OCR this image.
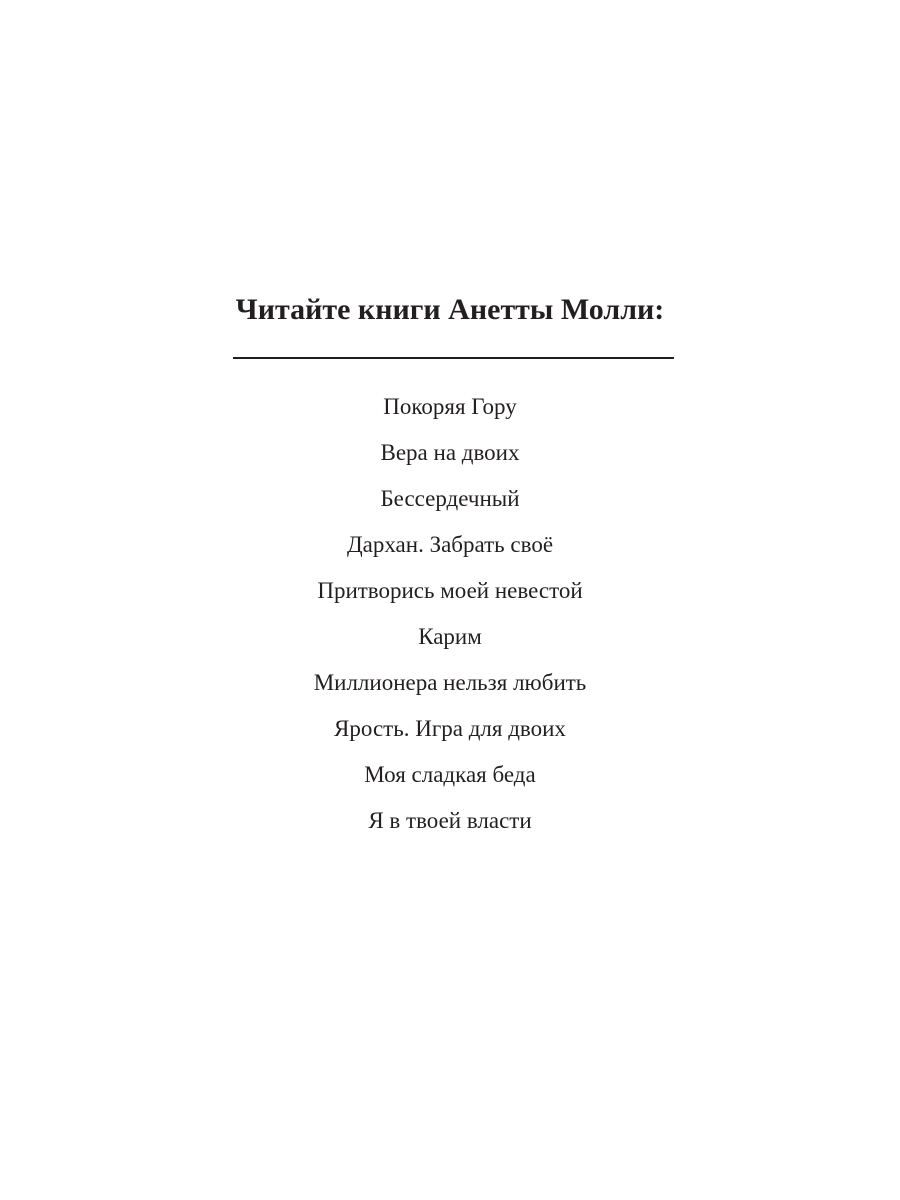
Читайте книги Анетты Молли:
Покоряя Гору
Вера на двоих
Бессердечный
Дархан. Забрать своё
Притворись моей невестой
Карим
Миллионера нельзя любить
Ярость. Игра для двоих
Моя сладкая беда
Я в твоей власти
